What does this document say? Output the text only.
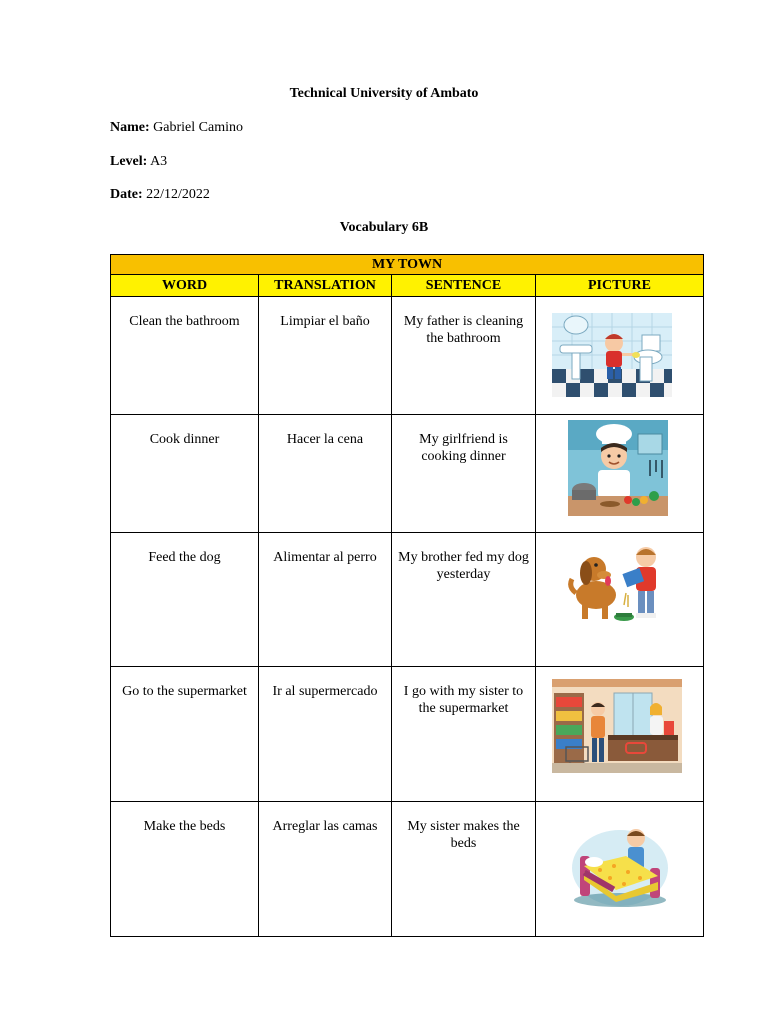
Technical University of Ambato
Name: Gabriel Camino
Level: A3
Date: 22/12/2022
Vocabulary 6B
MY TOWN			
WORD	TRANSLATION	SENTENCE	PICTURE
Clean the bathroom	Limpiar el baño	My father is cleaning the bathroom	

Cook dinner	Hacer la cena	My girlfriend is cooking dinner	

Feed the dog	Alimentar al perro	My brother fed my dog yesterday	

Go to the supermarket	Ir al supermercado	I go with my sister to the supermarket	

Make the beds	Arreglar las camas	My sister makes the beds	
